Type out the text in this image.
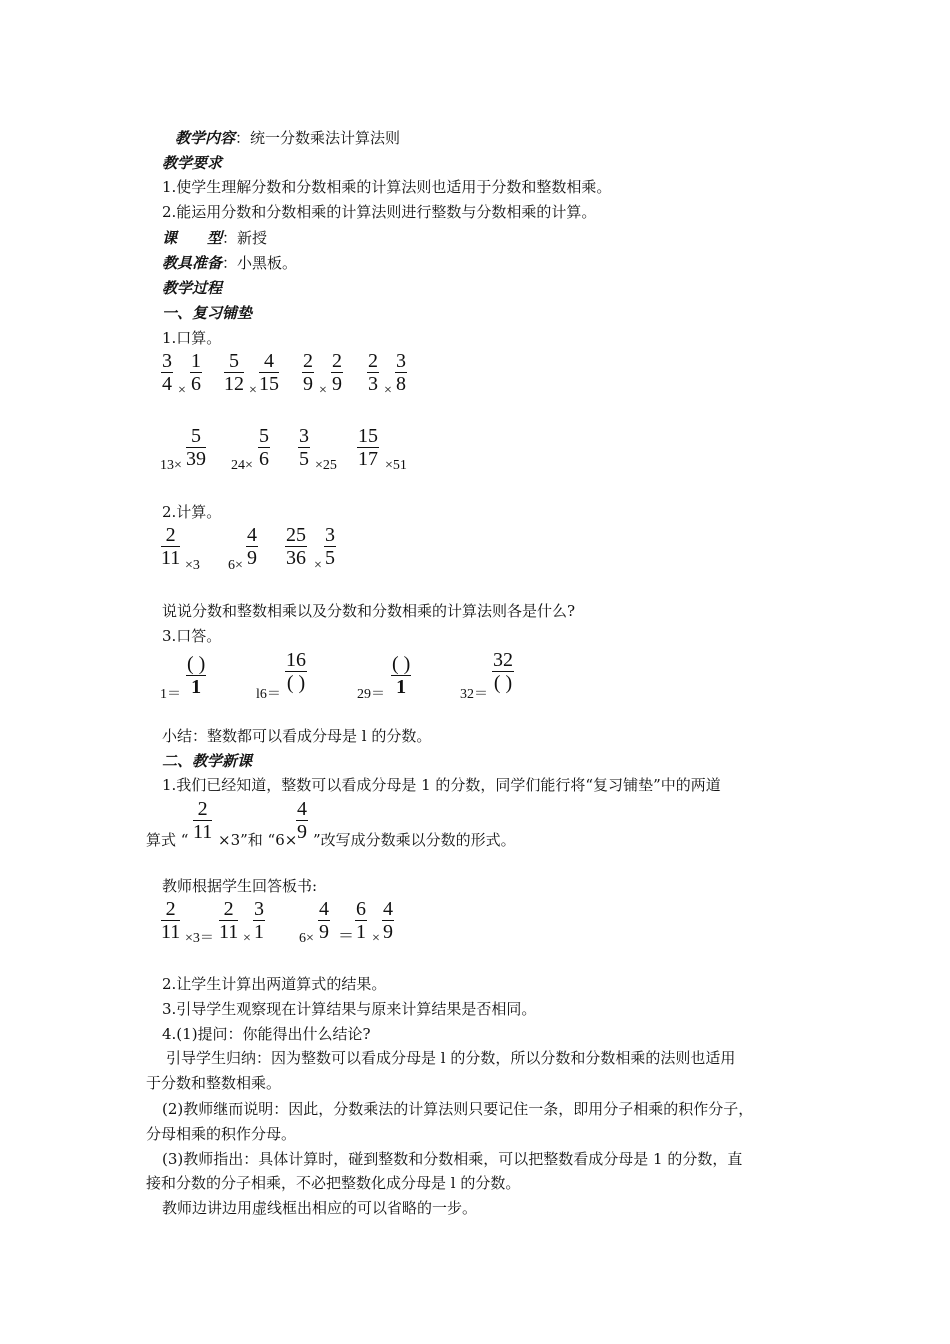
教学内容：统一分数乘法计算法则
教学要求
1.使学生理解分数和分数相乘的计算法则也适用于分数和整数相乘。
2.能运用分数和分数相乘的计算法则进行整数与分数相乘的计算。
课　　型：新授
教具准备：小黑板。
教学过程
一、复习铺垫
1.口算。
$\frac{3}{4} \times \frac{1}{6} \frac{5}{12} \times \frac{4}{15} \frac{2}{9} \times \frac{2}{9} \frac{2}{3} \times \frac{3}{8}$
$13\times \frac{5}{39} 24\times \frac{5}{6} \frac{3}{5} \times 25 \frac{15}{17} \times 51$
2.计算。
$\frac{2}{11} \times 3$ $6\times \frac{4}{9} \frac{25}{36} \times \frac{3}{5}$
说说分数和整数相乘以及分数和分数相乘的计算法则各是什么?
3.口答。
1＝
( )
1	l6＝
16
( )
29＝
( )
1	32＝
32
( )
小结：整数都可以看成分母是 l 的分数。
二、教学新课
1.我们已经知道，整数可以看成分母是 1 的分数，同学们能行将“复习铺垫”中的两道
算式 “ $\frac{2}{11} \times 3$”和 “6×
$\frac{4}{9}$ ”改写成分数乘以分数的形式。
教师根据学生回答板书:
$\frac{2}{11} \times 3= \frac{2}{11} \times \frac{3}{1} 6\times \frac{4}{9} = \frac{6}{1} \times \frac{4}{9}$
2.让学生计算出两道算式的结果。
3.引导学生观察现在计算结果与原来计算结果是否相同。
4.(1)提问：你能得出什么结论?
引导学生归纳：因为整数可以看成分母是 l 的分数，所以分数和分数相乘的法则也适用
于分数和整数相乘。
(2)教师继而说明：因此，分数乘法的计算法则只要记住一条，即用分子相乘的积作分子，
分母相乘的积作分母。
(3)教师指出：具体计算时，碰到整数和分数相乘，可以把整数看成分母是 1 的分数，直
接和分数的分子相乘，不必把整数化成分母是 l 的分数。
教师边讲边用虚线框出相应的可以省略的一步。
